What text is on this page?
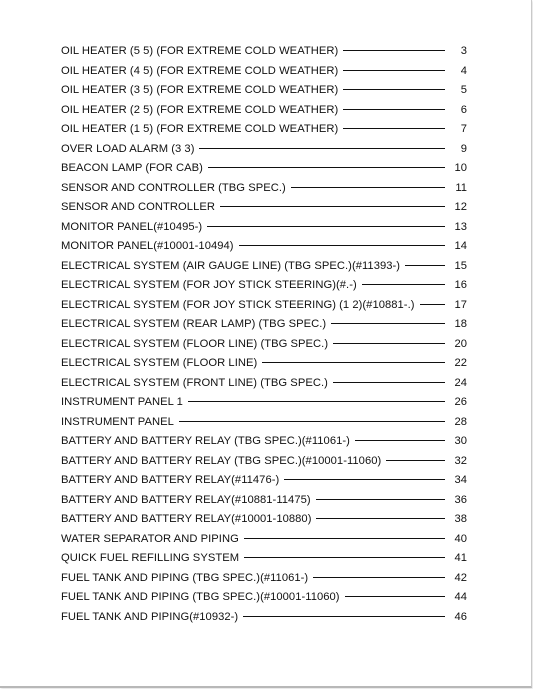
OIL HEATER (5 5) (FOR EXTREME COLD WEATHER)	3
OIL HEATER (4 5) (FOR EXTREME COLD WEATHER)	4
OIL HEATER (3 5) (FOR EXTREME COLD WEATHER)	5
OIL HEATER (2 5) (FOR EXTREME COLD WEATHER)	6
OIL HEATER (1 5) (FOR EXTREME COLD WEATHER)	7
OVER LOAD ALARM (3 3)	9
BEACON LAMP (FOR CAB)	10
SENSOR AND CONTROLLER (TBG SPEC.)	11
SENSOR AND CONTROLLER	12
MONITOR PANEL(#10495-)	13
MONITOR PANEL(#10001-10494)	14
ELECTRICAL SYSTEM (AIR GAUGE LINE) (TBG SPEC.)(#11393-)	15
ELECTRICAL SYSTEM (FOR JOY STICK STEERING)(#.-)	16
ELECTRICAL SYSTEM (FOR JOY STICK STEERING) (1 2)(#10881-.)	17
ELECTRICAL SYSTEM (REAR LAMP) (TBG SPEC.)	18
ELECTRICAL SYSTEM (FLOOR LINE) (TBG SPEC.)	20
ELECTRICAL SYSTEM (FLOOR LINE)	22
ELECTRICAL SYSTEM (FRONT LINE) (TBG SPEC.)	24
INSTRUMENT PANEL 1	26
INSTRUMENT PANEL	28
BATTERY AND BATTERY RELAY (TBG SPEC.)(#11061-)	30
BATTERY AND BATTERY RELAY (TBG SPEC.)(#10001-11060)	32
BATTERY AND BATTERY RELAY(#11476-)	34
BATTERY AND BATTERY RELAY(#10881-11475)	36
BATTERY AND BATTERY RELAY(#10001-10880)	38
WATER SEPARATOR AND PIPING	40
QUICK FUEL REFILLING SYSTEM	41
FUEL TANK AND PIPING (TBG SPEC.)(#11061-)	42
FUEL TANK AND PIPING (TBG SPEC.)(#10001-11060)	44
FUEL TANK AND PIPING(#10932-)	46
